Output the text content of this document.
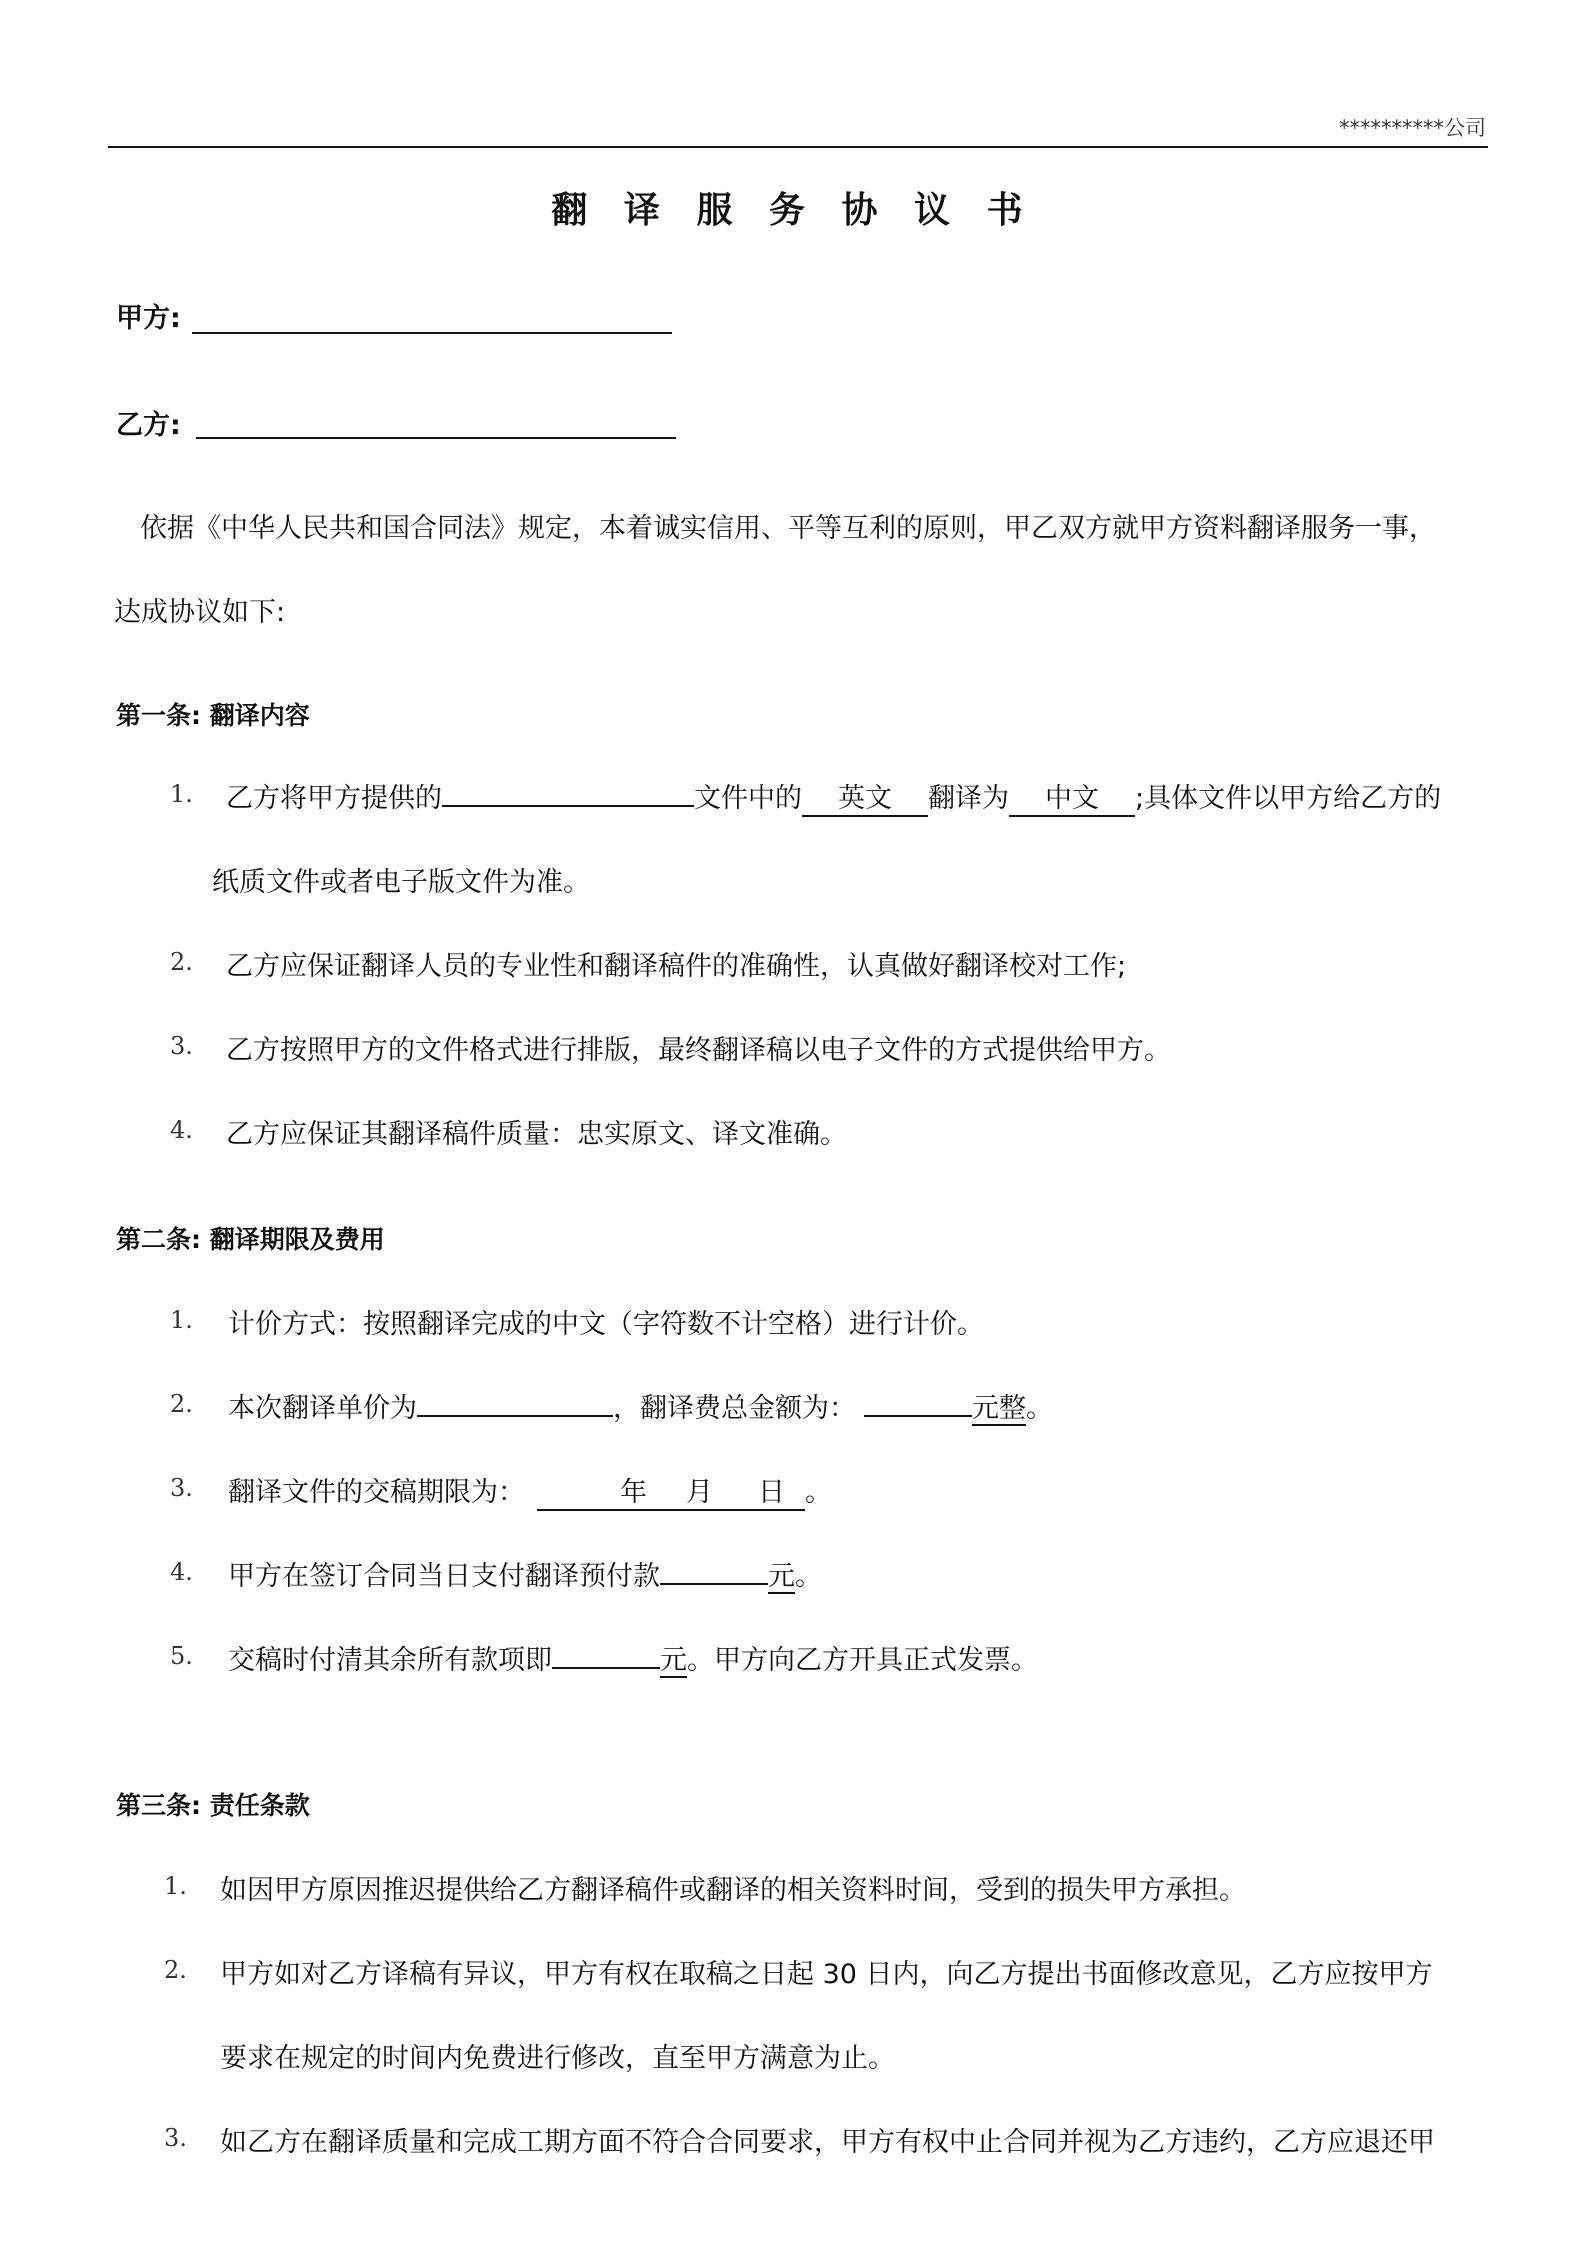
**********公司
翻 译 服 务 协 议 书
甲方:
乙方:
依据《中华人民共和国合同法》规定，本着诚实信用、平等互利的原则，甲乙双方就甲方资料翻译服务一事，
达成协议如下:
第一条: 翻译内容
1. 乙方将甲方提供的	文件中的 英文 翻译为 中文 ;具体文件以甲方给乙方的
纸质文件或者电子版文件为准。
2. 乙方应保证翻译人员的专业性和翻译稿件的准确性，认真做好翻译校对工作;
3. 乙方按照甲方的文件格式进行排版，最终翻译稿以电子文件的方式提供给甲方。
4. 乙方应保证其翻译稿件质量：忠实原文、译文准确。
第二条: 翻译期限及费用
1. 计价方式：按照翻译完成的中文（字符数不计空格）进行计价。
2. 本次翻译单价为	，翻译费总金额为：	元整。
3. 翻译文件的交稿期限为：	年 月 日 。
4. 甲方在签订合同当日支付翻译预付款	元。
5. 交稿时付清其余所有款项即	元。甲方向乙方开具正式发票。
第三条: 责任条款
1. 如因甲方原因推迟提供给乙方翻译稿件或翻译的相关资料时间，受到的损失甲方承担。
2. 甲方如对乙方译稿有异议，甲方有权在取稿之日起 30 日内，向乙方提出书面修改意见，乙方应按甲方
要求在规定的时间内免费进行修改，直至甲方满意为止。
3. 如乙方在翻译质量和完成工期方面不符合合同要求，甲方有权中止合同并视为乙方违约，乙方应退还甲
